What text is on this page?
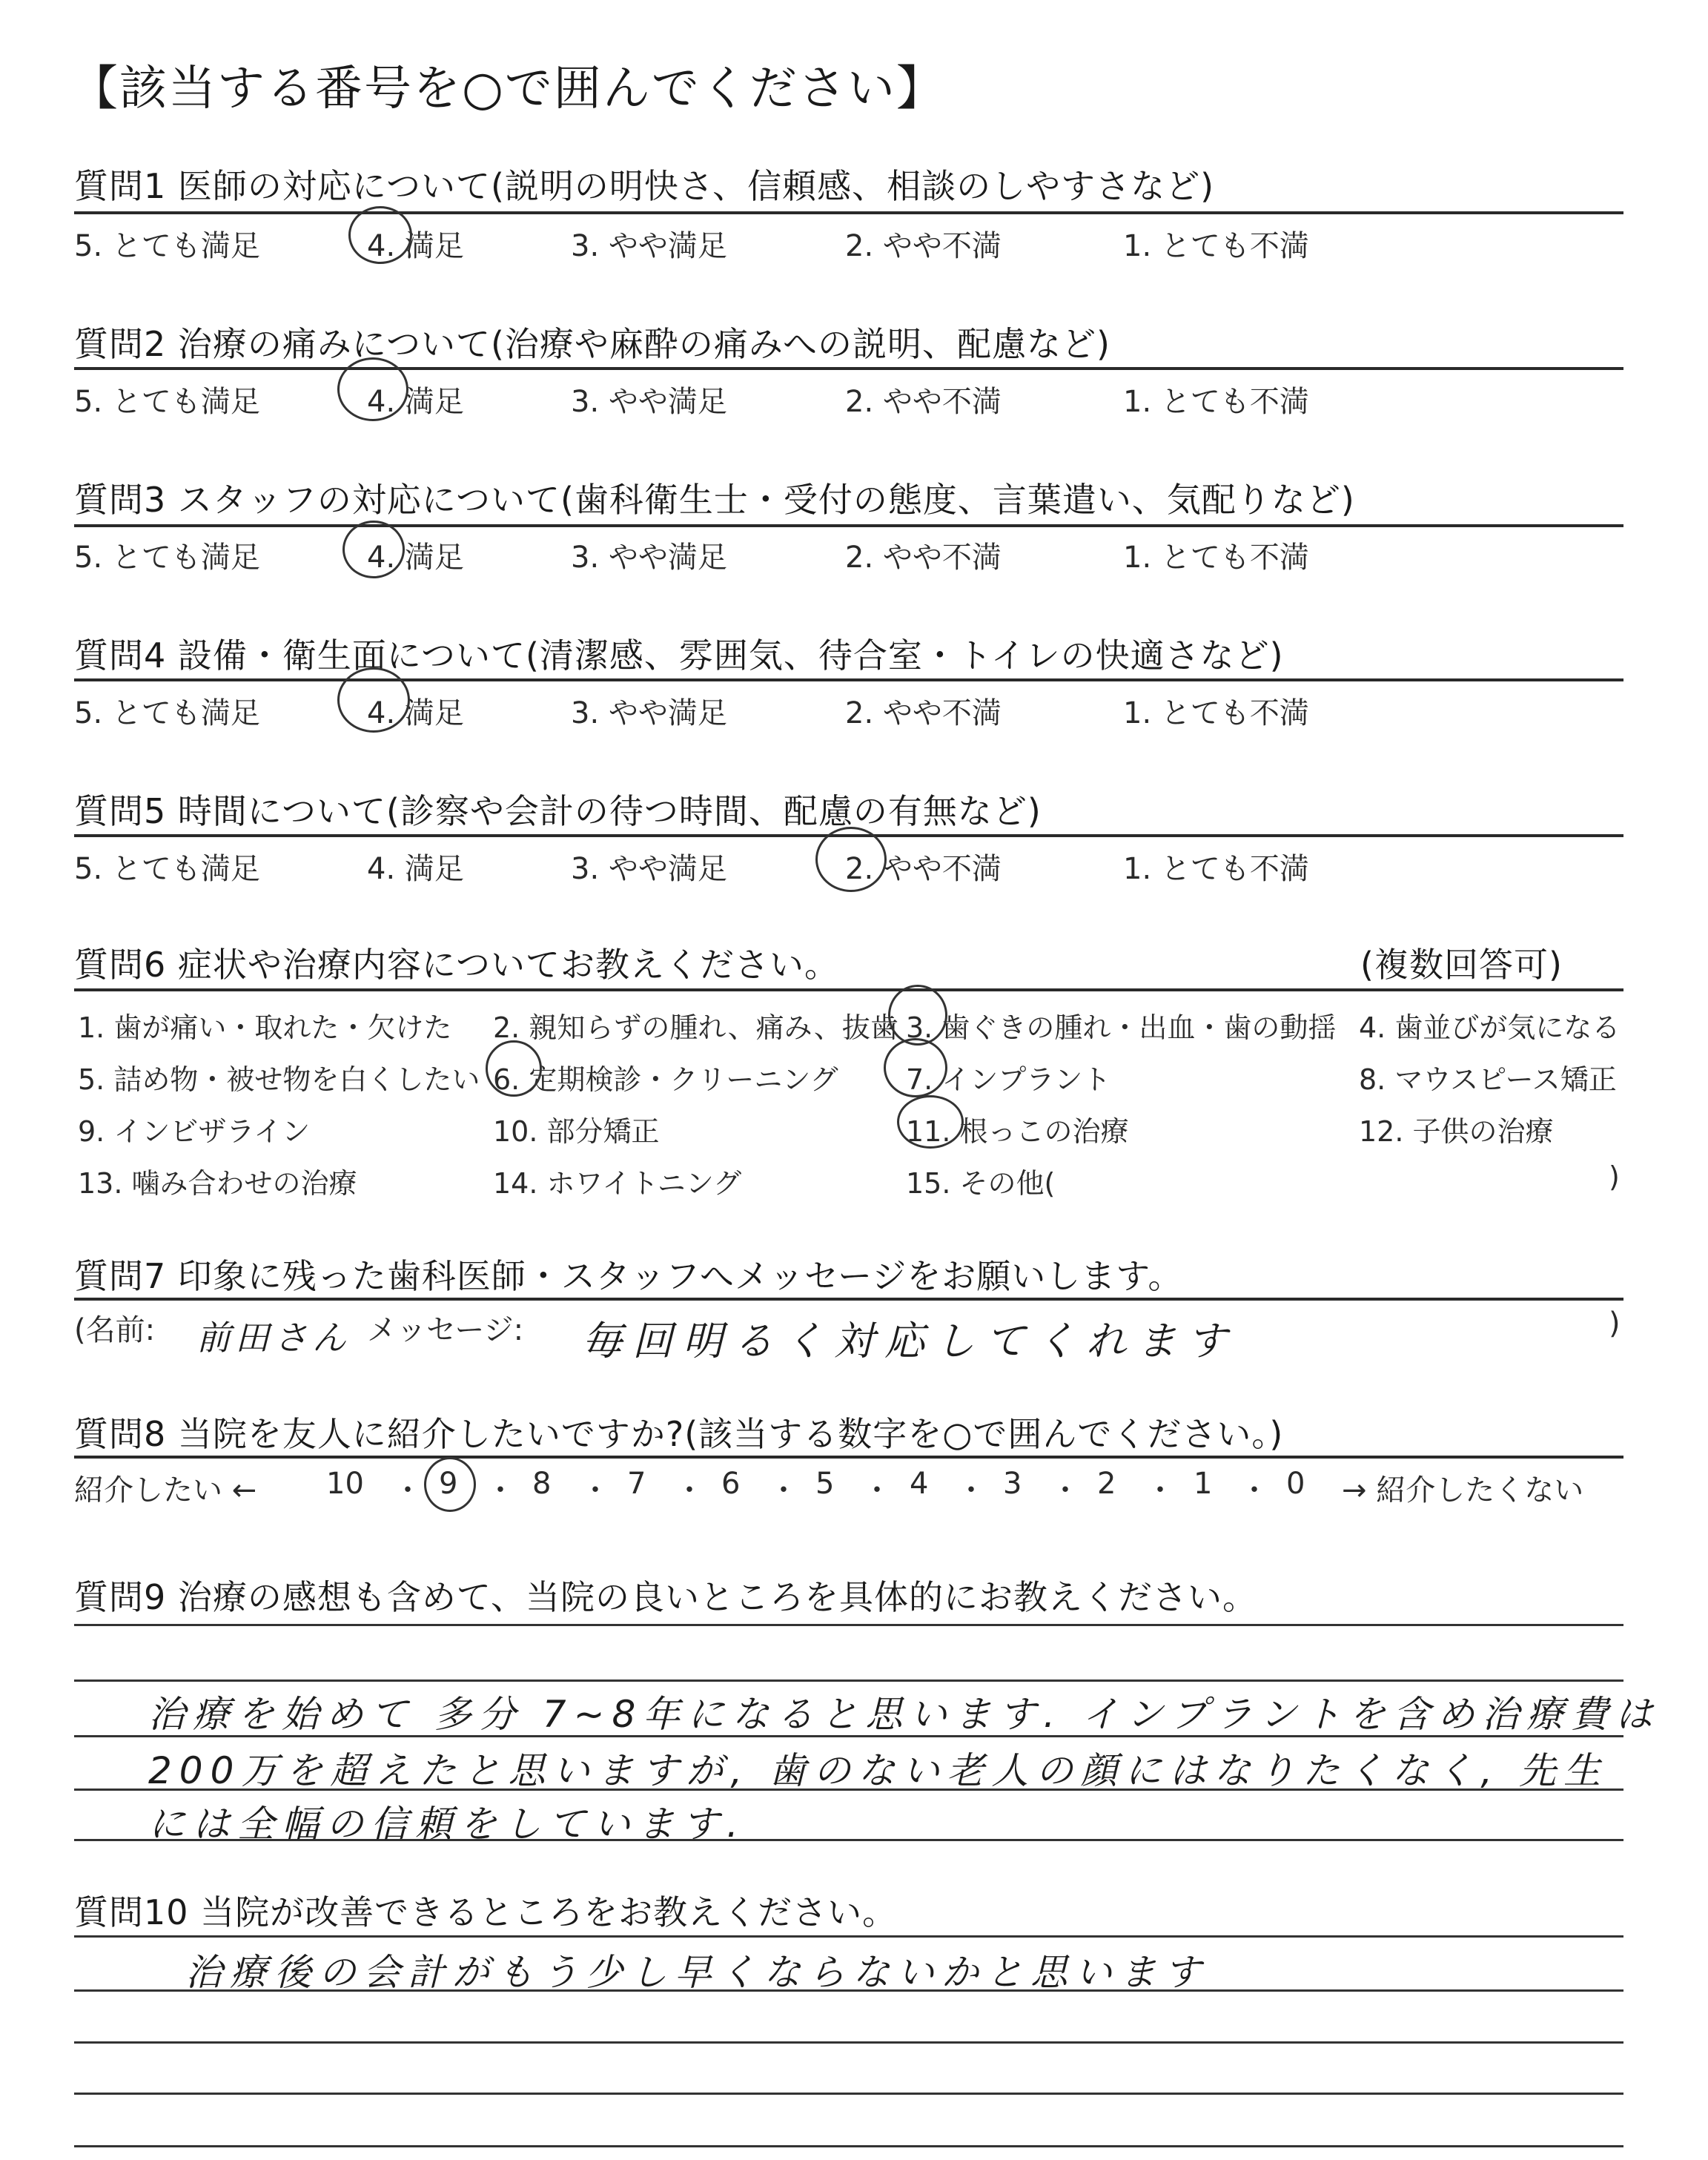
【該当する番号を○で囲んでください】
質問1 医師の対応について(説明の明快さ、信頼感、相談のしやすさなど)
5. とても満足	4. 満足	3. やや満足	2. やや不満	1. とても不満
質問2 治療の痛みについて(治療や麻酔の痛みへの説明、配慮など)
5. とても満足	4. 満足	3. やや満足	2. やや不満	1. とても不満
質問3 スタッフの対応について(歯科衛生士・受付の態度、言葉遣い、気配りなど)
5. とても満足	4. 満足	3. やや満足	2. やや不満	1. とても不満
質問4 設備・衛生面について(清潔感、雰囲気、待合室・トイレの快適さなど)
5. とても満足	4. 満足	3. やや満足	2. やや不満	1. とても不満
質問5 時間について(診察や会計の待つ時間、配慮の有無など)
5. とても満足	4. 満足	3. やや満足	2. やや不満	1. とても不満
質問6 症状や治療内容についてお教えください。	(複数回答可)
1. 歯が痛い・取れた・欠けた 2. 親知らずの腫れ、痛み、抜歯 3. 歯ぐきの腫れ・出血・歯の動揺 4. 歯並びが気になる
5. 詰め物・被せ物を白くしたい 6. 定期検診・クリーニング 7. インプラント	8. マウスピース矯正
9. インビザライン	10. 部分矯正	11. 根っこの治療	12. 子供の治療
13. 噛み合わせの治療	14. ホワイトニング	15. その他(	)
質問7 印象に残った歯科医師・スタッフへメッセージをお願いします。
(名前: 前田さん メッセージ: 毎回明るく対応してくれます	)
質問8 当院を友人に紹介したいですか?(該当する数字を○で囲んでください。)
紹介したい ←	→ 紹介したくない
10 ・ 9 ・ 8 ・ 7 ・ 6 ・ 5 ・ 4 ・ 3 ・ 2 ・ 1 ・ 0
質問9 治療の感想も含めて、当院の良いところを具体的にお教えください。
治療を始めて 多分 7~8年になると思います. インプラントを含め治療費は
200万を超えたと思いますが, 歯のない老人の顔にはなりたくなく, 先生
には全幅の信頼をしています.
質問10 当院が改善できるところをお教えください。
治療後の会計がもう少し早くならないかと思います
